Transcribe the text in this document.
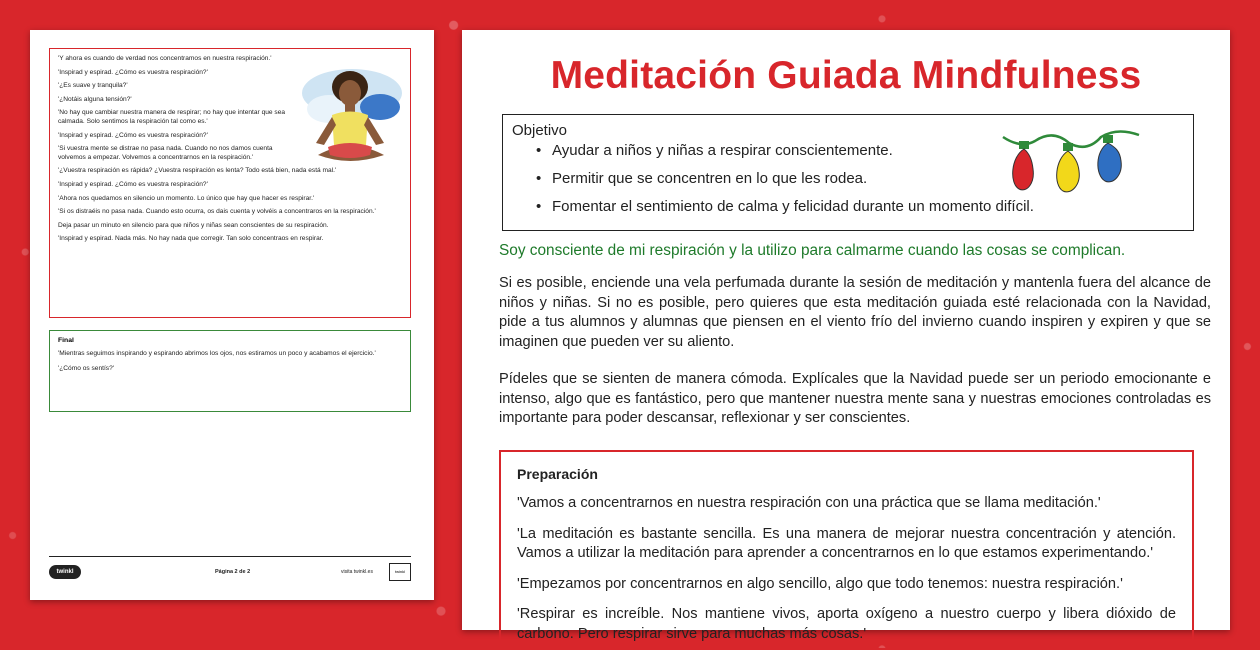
'Y ahora es cuando de verdad nos concentramos en nuestra respiración.'

'Inspirad y espirad. ¿Cómo es vuestra respiración?'

'¿Es suave y tranquila?'

'¿Notáis alguna tensión?'

'No hay que cambiar nuestra manera de respirar; no hay que intentar que sea calmada. Solo sentimos la respiración tal como es.'

'Inspirad y espirad. ¿Cómo es vuestra respiración?'

'Si vuestra mente se distrae no pasa nada. Cuando no nos damos cuenta volvemos a empezar. Volvemos a concentrarnos en la respiración.'

'¿Vuestra respiración es rápida? ¿Vuestra respiración es lenta? Todo está bien, nada está mal.'

'Inspirad y espirad. ¿Cómo es vuestra respiración?'

'Ahora nos quedamos en silencio un momento. Lo único que hay que hacer es respirar.'

'Si os distraéis no pasa nada. Cuando esto ocurra, os dais cuenta y volvéis a concentraros en la respiración.'

Deja pasar un minuto en silencio para que niños y niñas sean conscientes de su respiración.

'Inspirad y espirad. Nada más. No hay nada que corregir. Tan solo concentraos en respirar.

Final

'Mientras seguimos inspirando y espirando abrimos los ojos, nos estiramos un poco y acabamos el ejercicio.'

'¿Cómo os sentís?'

twinkl	Página 2 de 2	visita twinkl.es	twinkl
Meditación Guiada Mindfulness
Objetivo
• Ayudar a niños y niñas a respirar conscientemente.
• Permitir que se concentren en lo que les rodea.
• Fomentar el sentimiento de calma y felicidad durante un momento difícil.
Soy consciente de mi respiración y la utilizo para calmarme cuando las cosas se complican.

Si es posible, enciende una vela perfumada durante la sesión de meditación y mantenla fuera del alcance de niños y niñas. Si no es posible, pero quieres que esta meditación guiada esté relacionada con la Navidad, pide a tus alumnos y alumnas que piensen en el viento frío del invierno cuando inspiren y expiren y que se imaginen que pueden ver su aliento.

Pídeles que se sienten de manera cómoda. Explícales que la Navidad puede ser un periodo emocionante e intenso, algo que es fantástico, pero que mantener nuestra mente sana y nuestras emociones controladas es importante para poder descansar, reflexionar y ser conscientes.

Preparación

'Vamos a concentrarnos en nuestra respiración con una práctica que se llama meditación.'

'La meditación es bastante sencilla. Es una manera de mejorar nuestra concentración y atención. Vamos a utilizar la meditación para aprender a concentrarnos en lo que estamos experimentando.'

'Empezamos por concentrarnos en algo sencillo, algo que todo tenemos: nuestra respiración.'

'Respirar es increíble. Nos mantiene vivos, aporta oxígeno a nuestro cuerpo y libera dióxido de carbono. Pero respirar sirve para muchas más cosas.'
